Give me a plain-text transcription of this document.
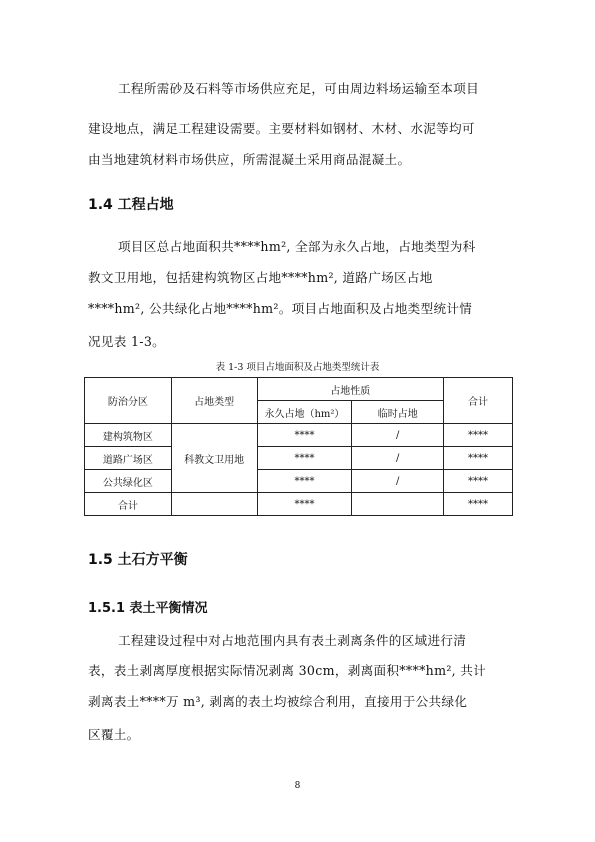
工程所需砂及石料等市场供应充足，可由周边料场运输至本项目
建设地点，满足工程建设需要。主要材料如钢材、木材、水泥等均可
由当地建筑材料市场供应，所需混凝土采用商品混凝土。
1.4 工程占地
项目区总占地面积共****hm², 全部为永久占地，占地类型为科
教文卫用地，包括建构筑物区占地****hm², 道路广场区占地
****hm², 公共绿化占地****hm²。项目占地面积及占地类型统计情
况见表 1-3。
表 1-3 项目占地面积及占地类型统计表
防治分区	占地类型	占地性质		合计
		永久占地（hm²）	临时占地	
建构筑物区	科教文卫用地	****	/	****
道路广场区		****	/	****
公共绿化区		****	/	****
合计		****		****
1.5 土石方平衡
1.5.1 表土平衡情况
工程建设过程中对占地范围内具有表土剥离条件的区域进行清
表，表土剥离厚度根据实际情况剥离 30cm，剥离面积****hm², 共计
剥离表土****万 m³, 剥离的表土均被综合利用，直接用于公共绿化
区覆土。
8
